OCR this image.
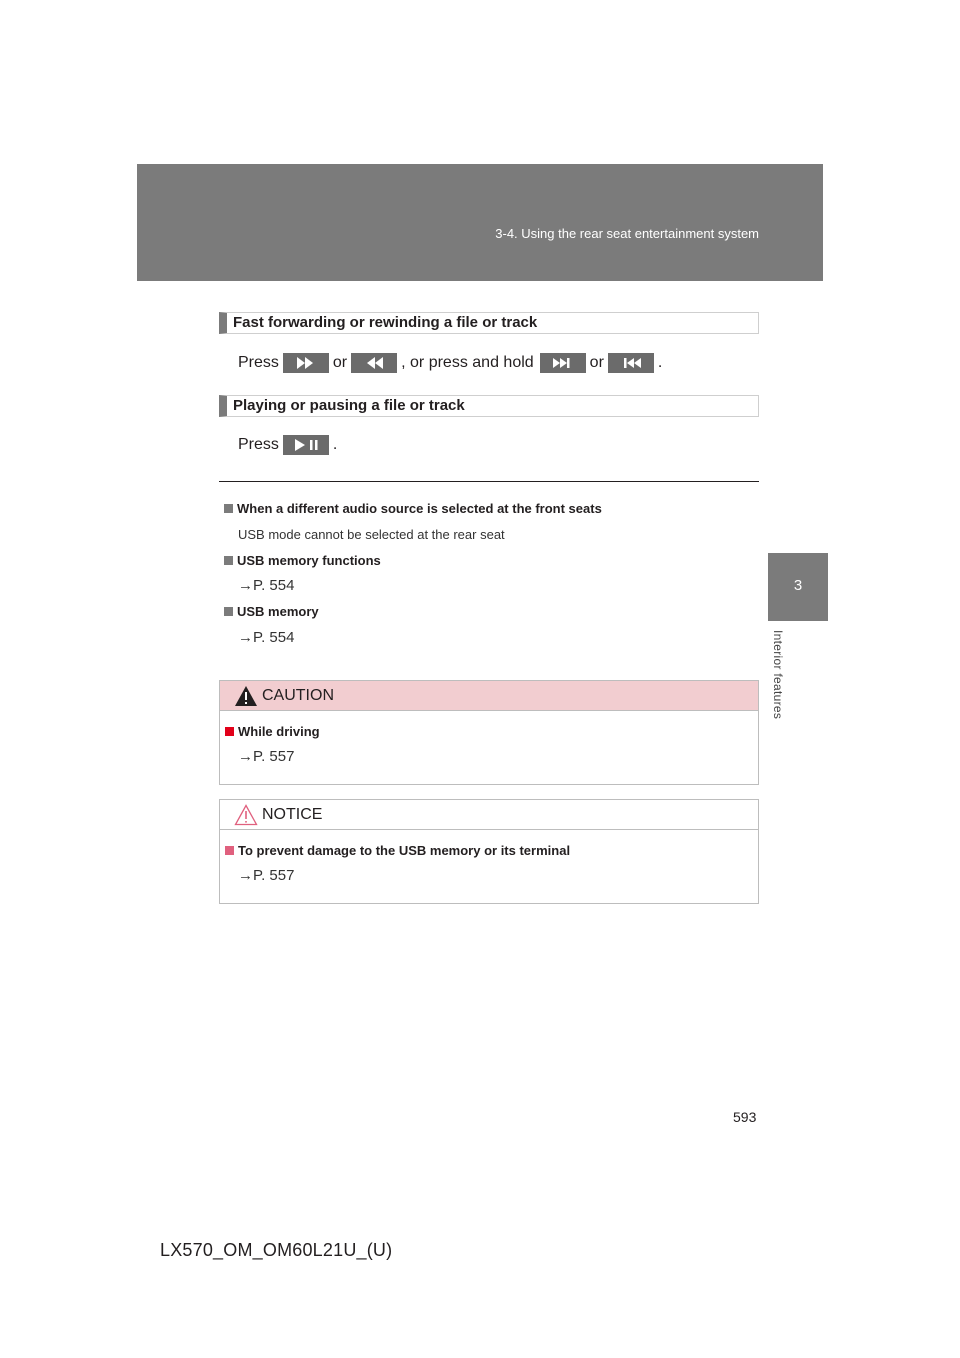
3-4. Using the rear seat entertainment system
3
Interior features
Fast forwarding or rewinding a file or track
Press	or	, or press and hold	or	.
Playing or pausing a file or track
Press	.
When a different audio source is selected at the front seats
USB mode cannot be selected at the rear seat
USB memory functions
→P. 554
USB memory
→P. 554
CAUTION
While driving
→P. 557
NOTICE
To prevent damage to the USB memory or its terminal
→P. 557
593
LX570_OM_OM60L21U_(U)
